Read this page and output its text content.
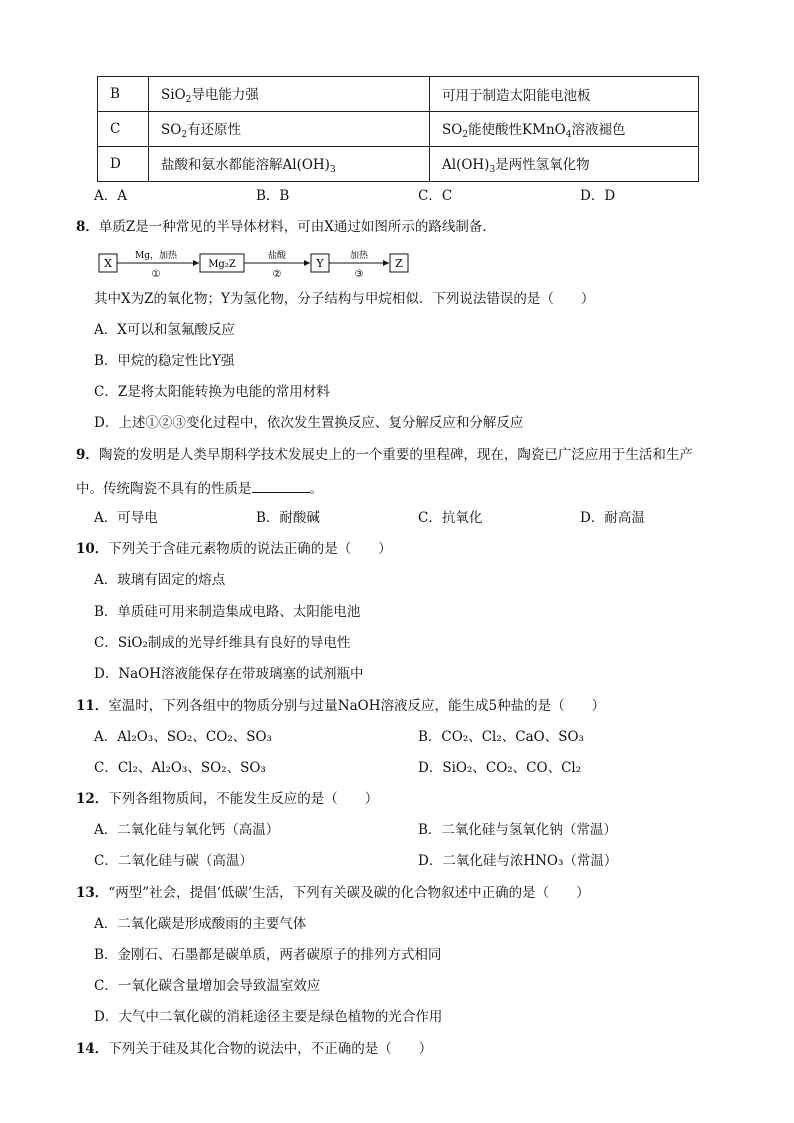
B	SiO$_2$导电能力强	可用于制造太阳能电池板
C	$SO_2$有还原性	$SO_2$能使酸性KMnO$_4$溶液褪色
D	盐酸和氨水都能溶解$Al(OH)_3$	$Al(OH)_3$是两性氢氧化物
A．A	B．B	C．C	D．D
8．单质Z是一种常见的半导体材料，可由X通过如图所示的路线制备．
X
Mg，加热
①
Mg₂Z
盐酸
②
Y
加热
③
Z
其中X为Z的氧化物；Y为氢化物，分子结构与甲烷相似．下列说法错误的是（　　）
A．X可以和氢氟酸反应
B．甲烷的稳定性比Y强
C．Z是将太阳能转换为电能的常用材料
D．上述①②③变化过程中，依次发生置换反应、复分解反应和分解反应
9．陶瓷的发明是人类早期科学技术发展史上的一个重要的里程碑，现在，陶瓷已广泛应用于生活和生产
中。传统陶瓷不具有的性质是	。
A．可导电	B．耐酸碱	C．抗氧化	D．耐高温
10．下列关于含硅元素物质的说法正确的是（　　）
A．玻璃有固定的熔点
B．单质硅可用来制造集成电路、太阳能电池
C．SiO₂制成的光导纤维具有良好的导电性
D．NaOH溶液能保存在带玻璃塞的试剂瓶中
11．室温时，下列各组中的物质分别与过量NaOH溶液反应，能生成5种盐的是（　　）
A．Al₂O₃、SO₂、CO₂、SO₃	B．CO₂、Cl₂、CaO、SO₃
C．Cl₂、Al₂O₃、SO₂、SO₃	D．SiO₂、CO₂、CO、Cl₂
12．下列各组物质间，不能发生反应的是（　　）
A．二氧化硅与氧化钙（高温）	B．二氧化硅与氢氧化钠（常温）
C．二氧化硅与碳（高温）	D．二氧化硅与浓HNO₃（常温）
13．“两型”社会，提倡‘低碳’生活，下列有关碳及碳的化合物叙述中正确的是（　　）
A．二氧化碳是形成酸雨的主要气体
B．金刚石、石墨都是碳单质，两者碳原子的排列方式相同
C．一氧化碳含量增加会导致温室效应
D．大气中二氧化碳的消耗途径主要是绿色植物的光合作用
14．下列关于硅及其化合物的说法中，不正确的是（　　）
